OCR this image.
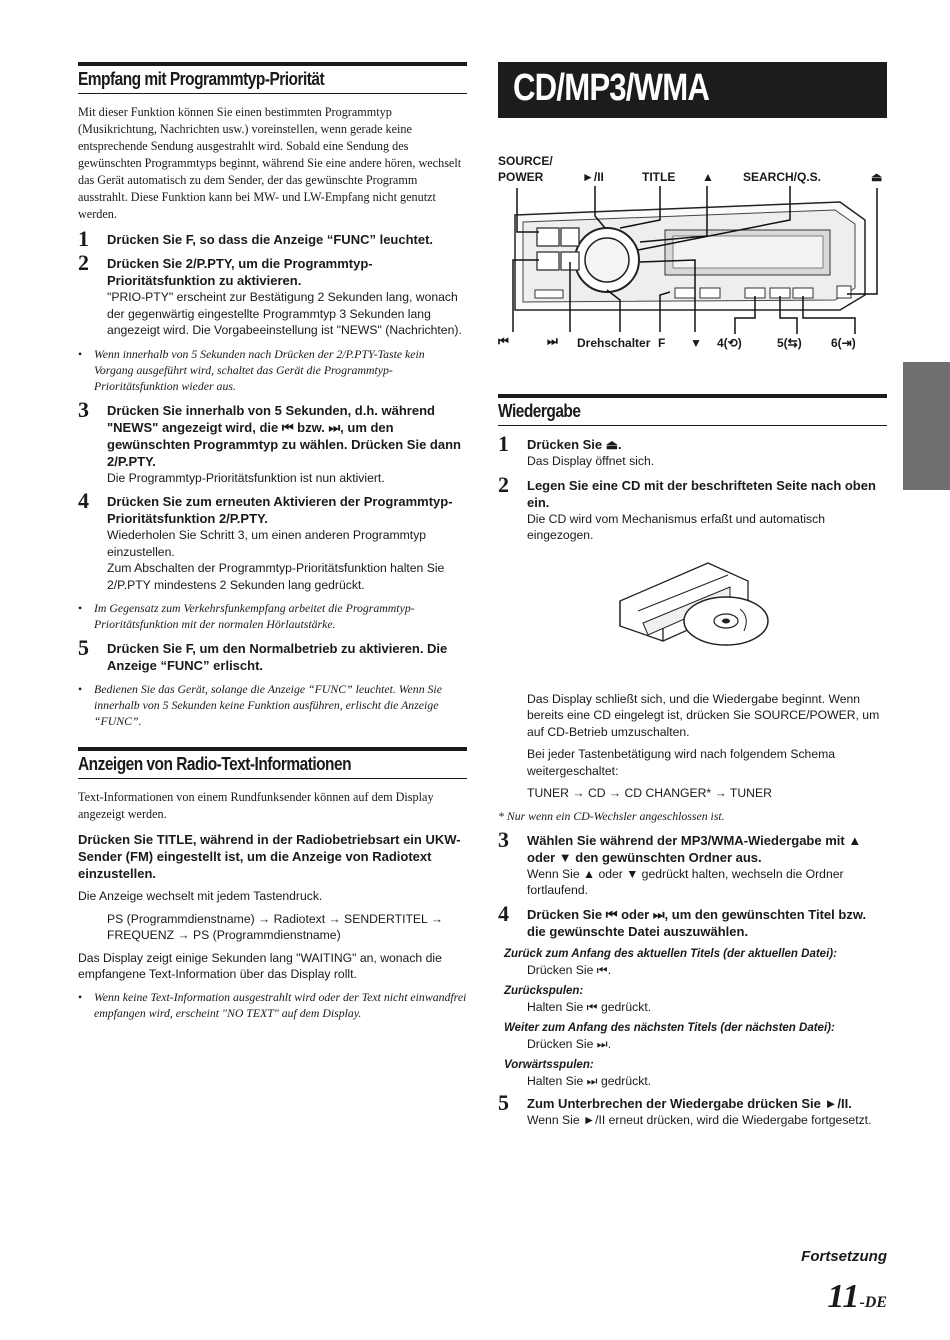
Empfang mit Programmtyp-Priorität

Mit dieser Funktion können Sie einen bestimmten Programmtyp (Musikrichtung, Nachrichten usw.) voreinstellen, wenn gerade keine entsprechende Sendung ausgestrahlt wird. Sobald eine Sendung des gewünschten Programmtyps beginnt, während Sie eine andere hören, wechselt das Gerät automatisch zu dem Sender, der das gewünschte Programm ausstrahlt. Diese Funktion kann bei MW- und LW-Empfang nicht genutzt werden.

1 Drücken Sie F, so dass die Anzeige “FUNC” leuchtet.
2 Drücken Sie 2/P.PTY, um die Programmtyp-Prioritätsfunktion zu aktivieren.
"PRIO-PTY" erscheint zur Bestätigung 2 Sekunden lang, wonach der gegenwärtig eingestellte Programmtyp 3 Sekunden lang angezeigt wird. Die Vorgabeeinstellung ist "NEWS" (Nachrichten).
• Wenn innerhalb von 5 Sekunden nach Drücken der 2/P.PTY-Taste kein Vorgang ausgeführt wird, schaltet das Gerät die Programmtyp-Prioritätsfunktion wieder aus.
3 Drücken Sie innerhalb von 5 Sekunden, d.h. während "NEWS" angezeigt wird, die ⏮ bzw. ⏭, um den gewünschten Programmtyp zu wählen. Drücken Sie dann 2/P.PTY.
Die Programmtyp-Prioritätsfunktion ist nun aktiviert.
4 Drücken Sie zum erneuten Aktivieren der Programmtyp-Prioritätsfunktion 2/P.PTY.
Wiederholen Sie Schritt 3, um einen anderen Programmtyp einzustellen.
Zum Abschalten der Programmtyp-Prioritätsfunktion halten Sie 2/P.PTY mindestens 2 Sekunden lang gedrückt.
• Im Gegensatz zum Verkehrsfunkempfang arbeitet die Programmtyp-Prioritätsfunktion mit der normalen Hörlautstärke.
5 Drücken Sie F, um den Normalbetrieb zu aktivieren. Die Anzeige “FUNC” erlischt.
• Bedienen Sie das Gerät, solange die Anzeige “FUNC” leuchtet. Wenn Sie innerhalb von 5 Sekunden keine Funktion ausführen, erlischt die Anzeige “FUNC”.
Anzeigen von Radio-Text-Informationen

Text-Informationen von einem Rundfunksender können auf dem Display angezeigt werden.

Drücken Sie TITLE, während in der Radiobetriebsart ein UKW-Sender (FM) eingestellt ist, um die Anzeige von Radiotext einzustellen.

Die Anzeige wechselt mit jedem Tastendruck.

PS (Programmdienstname) → Radiotext → SENDERTITEL → FREQUENZ → PS (Programmdienstname)

Das Display zeigt einige Sekunden lang "WAITING" an, wonach die empfangene Text-Information über das Display rollt.

• Wenn keine Text-Information ausgestrahlt wird oder der Text nicht einwandfrei empfangen wird, erscheint "NO TEXT" auf dem Display.
CD/MP3/WMA
SOURCE/
POWER	►/II	TITLE ▲ SEARCH/Q.S.	⏏
⏮	⏭ Drehschalter F ▼ 4(⟲)	5(⇆) 6(⇥)
Wiedergabe
1 Drücken Sie ⏏.
Das Display öffnet sich.
2 Legen Sie eine CD mit der beschrifteten Seite nach oben ein.
Die CD wird vom Mechanismus erfaßt und automatisch eingezogen.

Das Display schließt sich, und die Wiedergabe beginnt. Wenn bereits eine CD eingelegt ist, drücken Sie SOURCE/POWER, um auf CD-Betrieb umzuschalten.

Bei jeder Tastenbetätigung wird nach folgendem Schema weitergeschaltet:

TUNER → CD → CD CHANGER* → TUNER

* Nur wenn ein CD-Wechsler angeschlossen ist.

3 Wählen Sie während der MP3/WMA-Wiedergabe mit ▲ oder ▼ den gewünschten Ordner aus.
Wenn Sie ▲ oder ▼ gedrückt halten, wechseln die Ordner fortlaufend.
4 Drücken Sie ⏮ oder ⏭, um den gewünschten Titel bzw. die gewünschte Datei auszuwählen.
Zurück zum Anfang des aktuellen Titels (der aktuellen Datei):
Drücken Sie ⏮.
Zurückspulen:
Halten Sie ⏮ gedrückt.
Weiter zum Anfang des nächsten Titels (der nächsten Datei):
Drücken Sie ⏭.
Vorwärtsspulen:
Halten Sie ⏭ gedrückt.
5 Zum Unterbrechen der Wiedergabe drücken Sie ►/II.
Wenn Sie ►/II erneut drücken, wird die Wiedergabe fortgesetzt.
Fortsetzung
11-DE
